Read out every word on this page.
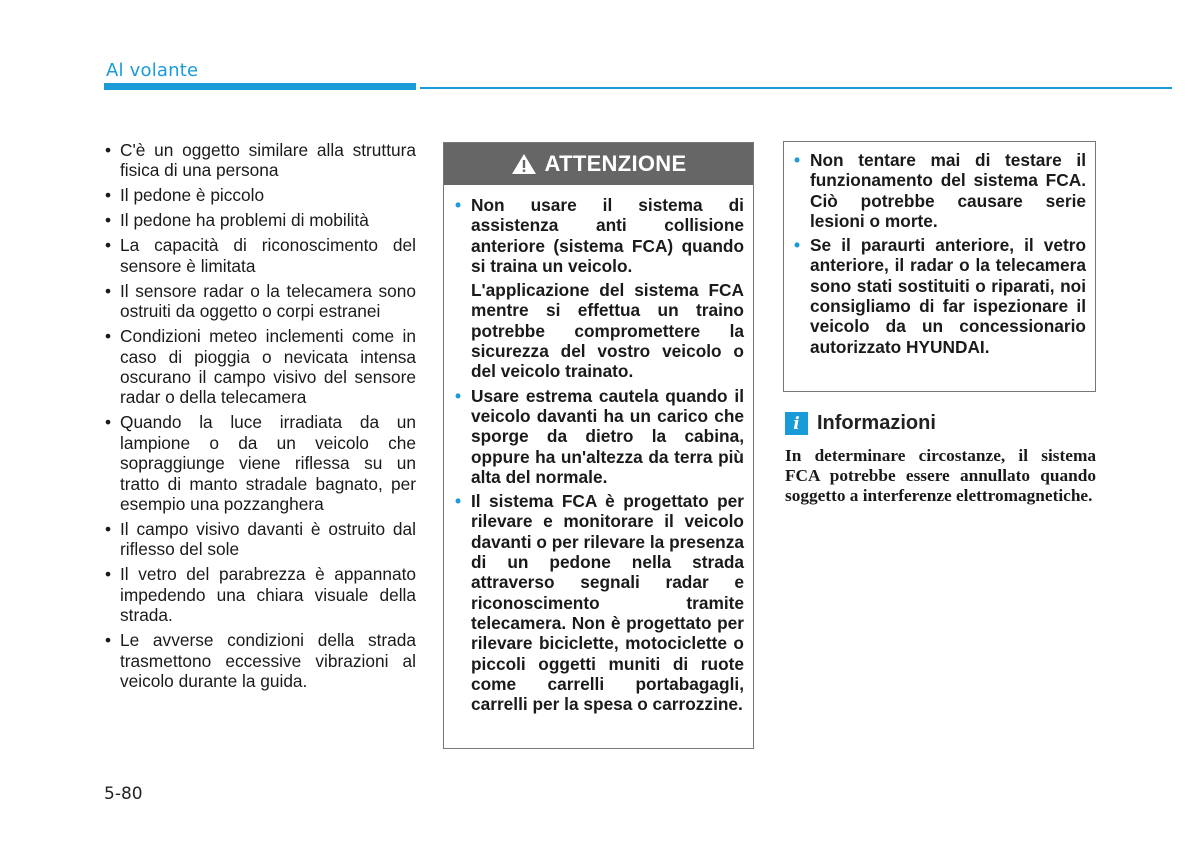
Al volante
• C'è un oggetto similare alla struttura fisica di una persona
• Il pedone è piccolo
• Il pedone ha problemi di mobilità
• La capacità di riconoscimento del sensore è limitata
• Il sensore radar o la telecamera sono ostruiti da oggetto o corpi estranei
• Condizioni meteo inclementi come in caso di pioggia o nevicata intensa oscurano il campo visivo del sensore radar o della telecamera
• Quando la luce irradiata da un lampione o da un veicolo che sopraggiunge viene riflessa su un tratto di manto stradale bagnato, per esempio una pozzanghera
• Il campo visivo davanti è ostruito dal riflesso del sole
• Il vetro del parabrezza è appannato impedendo una chiara visuale della strada.
• Le avverse condizioni della strada trasmettono eccessive vibrazioni al veicolo durante la guida.
ATTENZIONE

• Non usare il sistema di assistenza anti collisione anteriore (sistema FCA) quando si traina un veicolo.

L'applicazione del sistema FCA mentre si effettua un traino potrebbe compromettere la sicurezza del vostro veicolo o del veicolo trainato.

• Usare estrema cautela quando il veicolo davanti ha un carico che sporge da dietro la cabina, oppure ha un'altezza da terra più alta del normale.

• Il sistema FCA è progettato per rilevare e monitorare il veicolo davanti o per rilevare la presenza di un pedone nella strada attraverso segnali radar e riconoscimento tramite telecamera. Non è progettato per rilevare biciclette, motociclette o piccoli oggetti muniti di ruote come carrelli portabagagli, carrelli per la spesa o carrozzine.

• Non tentare mai di testare il funzionamento del sistema FCA. Ciò potrebbe causare serie lesioni o morte.
• Se il paraurti anteriore, il vetro anteriore, il radar o la telecamera sono stati sostituiti o riparati, noi consigliamo di far ispezionare il veicolo da un concessionario autorizzato HYUNDAI.
i Informazioni
In determinare circostanze, il sistema FCA potrebbe essere annullato quando soggetto a interferenze elettromagnetiche.
5-80
